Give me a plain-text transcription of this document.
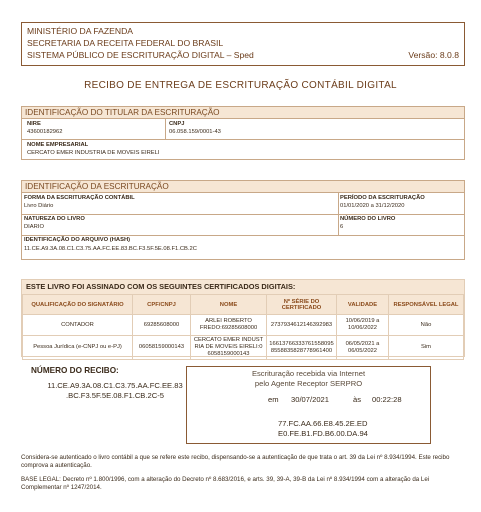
MINISTÉRIO DA FAZENDA
SECRETARIA DA RECEITA FEDERAL DO BRASIL
SISTEMA PÚBLICO DE ESCRITURAÇÃO DIGITAL – Sped	Versão: 8.0.8
RECIBO DE ENTREGA DE ESCRITURAÇÃO CONTÁBIL DIGITAL
IDENTIFICAÇÃO DO TITULAR DA ESCRITURAÇÃO
NIRE
43600182962
CNPJ
06.058.159/0001-43
NOME EMPRESARIAL
CERCATO EMER INDUSTRIA DE MOVEIS EIRELI
IDENTIFICAÇÃO DA ESCRITURAÇÃO
FORMA DA ESCRITURAÇÃO CONTÁBIL
Livro Diário
PERÍODO DA ESCRITURAÇÃO
01/01/2020 a 31/12/2020
NATUREZA DO LIVRO
DIARIO
NÚMERO DO LIVRO
6
IDENTIFICAÇÃO DO ARQUIVO (HASH)
11.CE.A9.3A.08.C1.C3.75.AA.FC.EE.83.BC.F3.5F.5E.08.F1.CB.2C
ESTE LIVRO FOI ASSINADO COM OS SEGUINTES CERTIFICADOS DIGITAIS:
QUALIFICAÇÃO DO SIGNATÁRIO	CPF/CNPJ	NOME	Nº SÉRIE DO CERTIFICADO	VALIDADE	RESPONSÁVEL LEGAL
CONTADOR	69285608000	ARLEI ROBERTO FREDO:69285608000	2737934612146392983	10/06/2019 a 10/06/2022	Não
Pessoa Jurídica (e-CNPJ ou e-PJ)	06058159000143	CERCATO EMER INDUSTRIA DE MOVEIS EIRELI:06058159000143	166137663337615580958558835828778961400	06/05/2021 a 06/05/2022	Sim
NÚMERO DO RECIBO:
11.CE.A9.3A.08.C1.C3.75.AA.FC.EE.83
.BC.F3.5F.5E.08.F1.CB.2C-5
Escrituração recebida via Internet
pelo Agente Receptor SERPRO
em 30/07/2021	às 00:22:28
77.FC.AA.66.E8.45.2E.ED
E0.FE.B1.FD.B6.00.DA.94
Considera-se autenticado o livro contábil a que se refere este recibo, dispensando-se a autenticação de que trata o art. 39 da Lei nº 8.934/1994. Este recibo comprova a autenticação.
BASE LEGAL: Decreto nº 1.800/1996, com a alteração do Decreto nº 8.683/2016, e arts. 39, 39-A, 39-B da Lei nº 8.934/1994 com a alteração da Lei Complementar nº 1247/2014.
